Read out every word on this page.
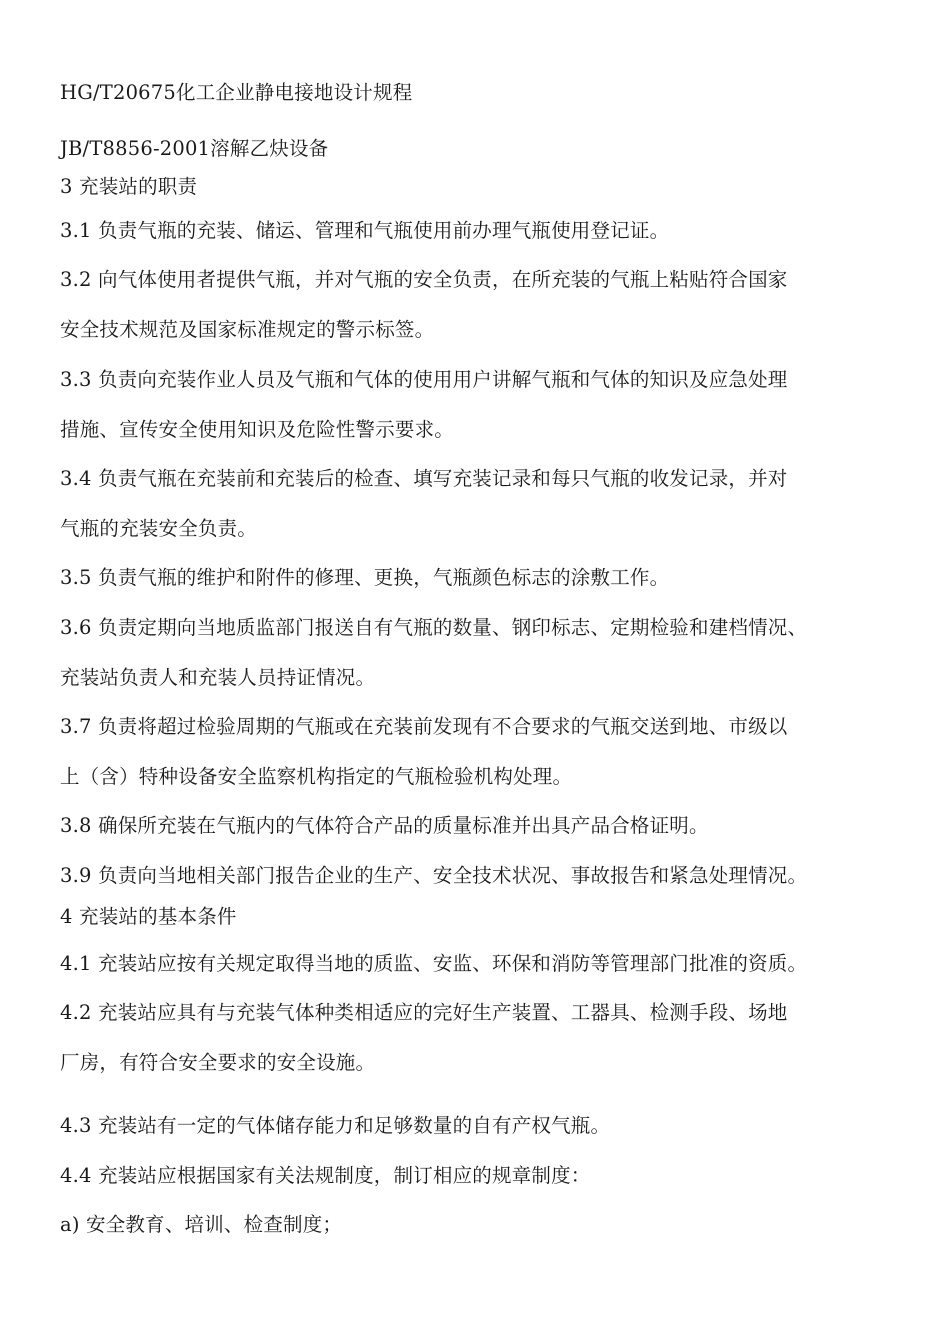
HG/T20675化工企业静电接地设计规程
JB/T8856-2001溶解乙炔设备
3 充装站的职责
3.1 负责气瓶的充装、储运、管理和气瓶使用前办理气瓶使用登记证。
3.2 向气体使用者提供气瓶，并对气瓶的安全负责，在所充装的气瓶上粘贴符合国家
安全技术规范及国家标准规定的警示标签。
3.3 负责向充装作业人员及气瓶和气体的使用用户讲解气瓶和气体的知识及应急处理
措施、宣传安全使用知识及危险性警示要求。
3.4 负责气瓶在充装前和充装后的检查、填写充装记录和每只气瓶的收发记录，并对
气瓶的充装安全负责。
3.5 负责气瓶的维护和附件的修理、更换，气瓶颜色标志的涂敷工作。
3.6 负责定期向当地质监部门报送自有气瓶的数量、钢印标志、定期检验和建档情况、
充装站负责人和充装人员持证情况。
3.7 负责将超过检验周期的气瓶或在充装前发现有不合要求的气瓶交送到地、市级以
上（含）特种设备安全监察机构指定的气瓶检验机构处理。
3.8 确保所充装在气瓶内的气体符合产品的质量标准并出具产品合格证明。
3.9 负责向当地相关部门报告企业的生产、安全技术状况、事故报告和紧急处理情况。
4 充装站的基本条件
4.1 充装站应按有关规定取得当地的质监、安监、环保和消防等管理部门批准的资质。
4.2 充装站应具有与充装气体种类相适应的完好生产装置、工器具、检测手段、场地
厂房，有符合安全要求的安全设施。
4.3 充装站有一定的气体储存能力和足够数量的自有产权气瓶。
4.4 充装站应根据国家有关法规制度，制订相应的规章制度：
a) 安全教育、培训、检查制度；
